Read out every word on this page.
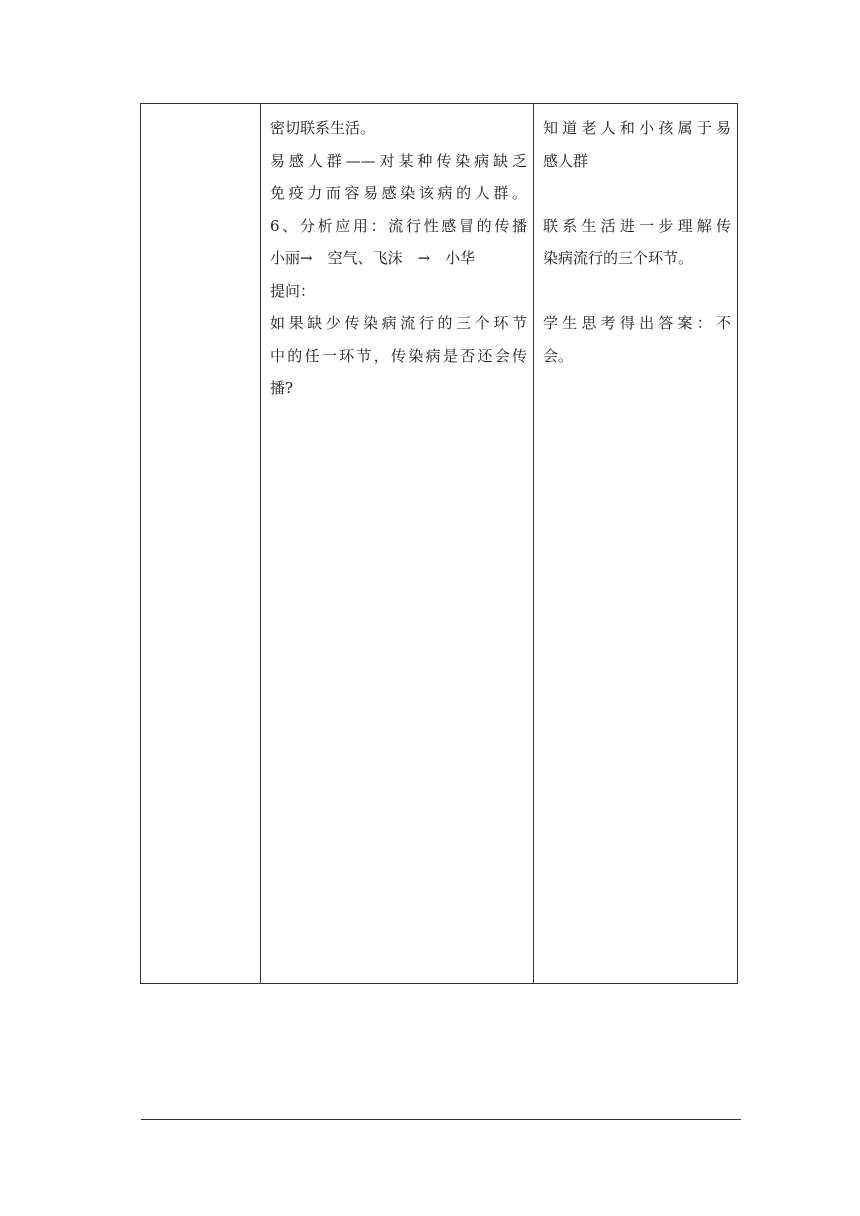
密切联系生活。
易感人群——对某种传染病缺乏
免疫力而容易感染该病的人群。
6、分析应用：流行性感冒的传播
小丽→　空气、飞沫　→　小华
提问：
如果缺少传染病流行的三个环节
中的任一环节，传染病是否还会传
播?
知道老人和小孩属于易
感人群
联系生活进一步理解传
染病流行的三个环节。
学生思考得出答案：不
会。
